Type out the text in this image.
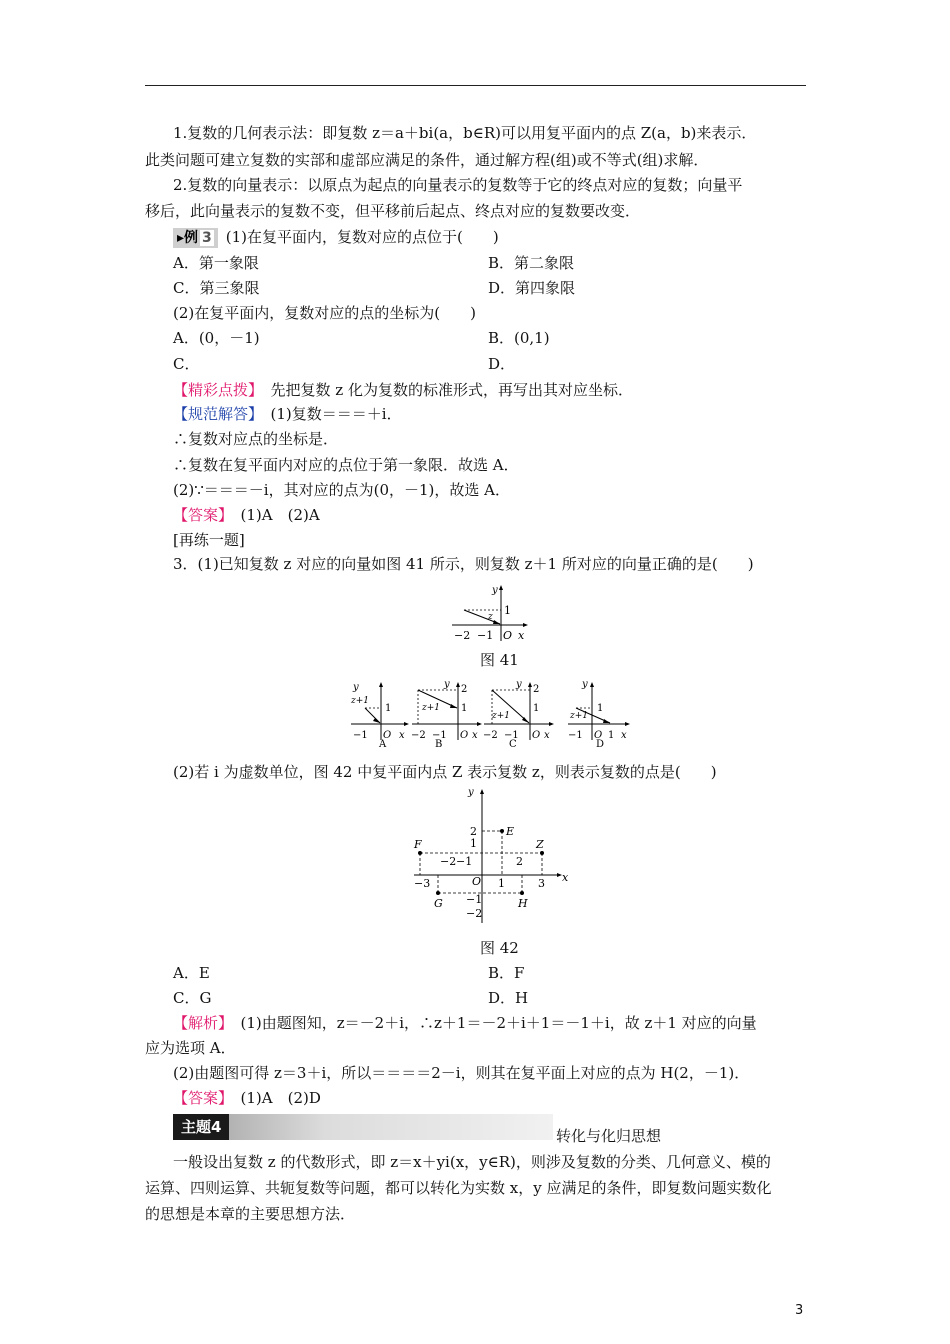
1.复数的几何表示法：即复数 z＝a＋bi(a，b∈R)可以用复平面内的点 Z(a，b)来表示．
此类问题可建立复数的实部和虚部应满足的条件，通过解方程(组)或不等式(组)求解．
2.复数的向量表示：以原点为起点的向量表示的复数等于它的终点对应的复数；向量平
移后，此向量表示的复数不变，但平移前后起点、终点对应的复数要改变．
▸例 3 (1)在复平面内，复数对应的点位于(　　)
A．第一象限	B．第二象限
C．第三象限	D．第四象限
(2)在复平面内，复数对应的点的坐标为(　　)
A．(0，－1)	B．(0,1)
C．	D．
【精彩点拨】　 先把复数 z 化为复数的标准形式，再写出其对应坐标．
【规范解答】　 (1)复数＝＝＝＋i．
∴复数对应点的坐标是．
∴复数在复平面内对应的点位于第一象限．故选 A．
(2)∵＝＝＝－i，其对应的点为(0，－1)，故选 A．
【答案】　 (1)A　(2)A
[再练一题]
3．(1)已知复数 z 对应的向量如图 41 所示，则复数 z＋1 所对应的向量正确的是(　　)
y
1
z
−2 −1 O x
图 41
y
z+1
1
−1 O x
A
y 2
z+1 1
−2 −1 O x
B
y 2
z+1
1
−2 −1 O x
C
y
z+1
1
−1 O 1 x
D
(2)若 i 为虚数单位，图 42 中复平面内点 Z 表示复数 z，则表示复数的点是(　　)
y
2	E
1
F	Z
−2 −1	2
−3	O 1	3 x
G −1	H
−2
图 42
A．E	B．F
C．G	D．H
【解析】　 (1)由题图知，z＝－2＋i，∴z＋1＝－2＋i＋1＝－1＋i，故 z＋1 对应的向量
应为选项 A．
(2)由题图可得 z＝3＋i，所以＝＝＝＝2－i，则其在复平面上对应的点为 H(2，－1)．
【答案】　 (1)A　(2)D
主题4	转化与化归思想
一般设出复数 z 的代数形式，即 z＝x＋yi(x，y∈R)，则涉及复数的分类、几何意义、模的
运算、四则运算、共轭复数等问题，都可以转化为实数 x，y 应满足的条件，即复数问题实数化
的思想是本章的主要思想方法．
3
